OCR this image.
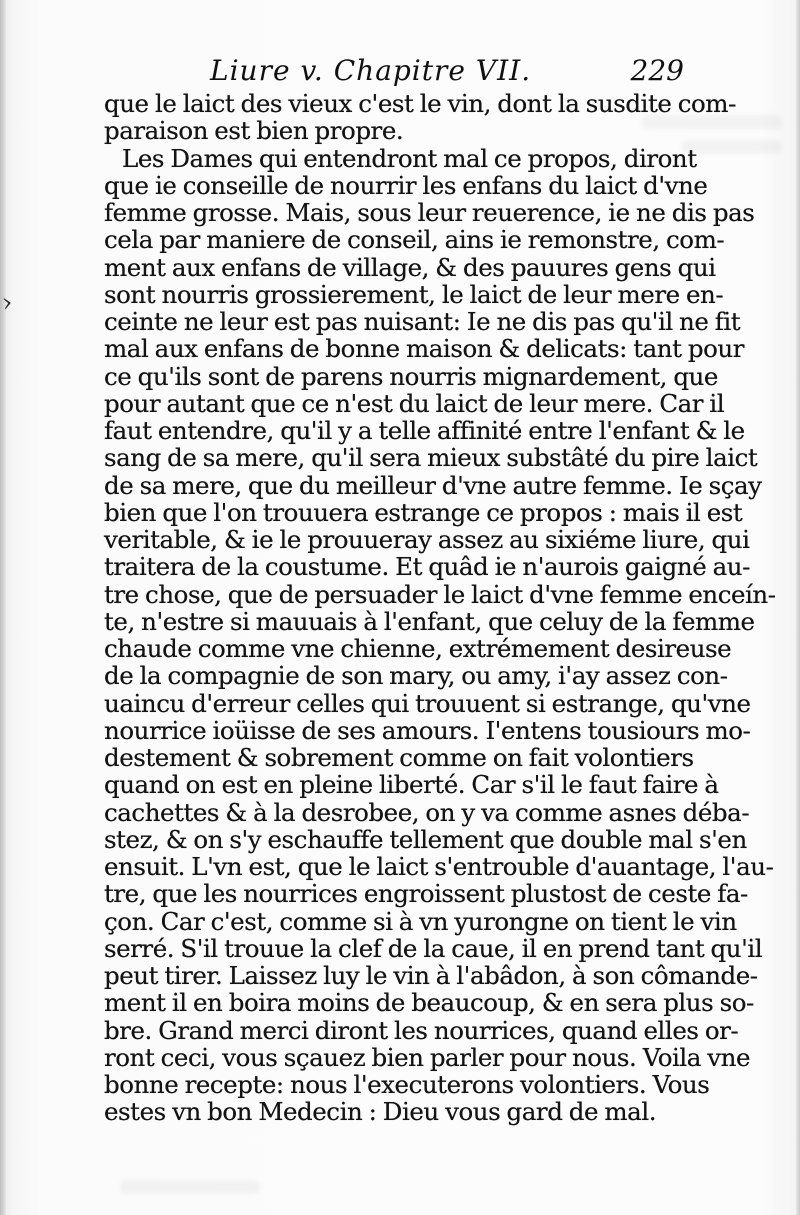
›
Liure v. Chapitre VII.	229
que le laict des vieux c'est le vin, dont la susdite com-
paraison est bien propre.
Les Dames qui entendront mal ce propos, diront
que ie conseille de nourrir les enfans du laict d'vne
femme grosse. Mais, sous leur reuerence, ie ne dis pas
cela par maniere de conseil, ains ie remonstre, com-
ment aux enfans de village, & des pauures gens qui
sont nourris grossierement, le laict de leur mere en-
ceinte ne leur est pas nuisant: Ie ne dis pas qu'il ne fit
mal aux enfans de bonne maison & delicats: tant pour
ce qu'ils sont de parens nourris mignardement, que
pour autant que ce n'est du laict de leur mere. Car il
faut entendre, qu'il y a telle affinité entre l'enfant & le
sang de sa mere, qu'il sera mieux substâté du pire laict
de sa mere, que du meilleur d'vne autre femme. Ie sçay
bien que l'on trouuera estrange ce propos : mais il est
veritable, & ie le prouueray assez au sixiéme liure, qui
traitera de la coustume. Et quâd ie n'aurois gaigné au-
tre chose, que de persuader le laict d'vne femme enceín-
te, n'estre si mauuais à l'enfant, que celuy de la femme
chaude comme vne chienne, extrémement desireuse
de la compagnie de son mary, ou amy, i'ay assez con-
uaincu d'erreur celles qui trouuent si estrange, qu'vne
nourrice ioüisse de ses amours. I'entens tousiours mo-
destement & sobrement comme on fait volontiers
quand on est en pleine liberté. Car s'il le faut faire à
cachettes & à la desrobee, on y va comme asnes déba-
stez, & on s'y eschauffe tellement que double mal s'en
ensuit. L'vn est, que le laict s'entrouble d'auantage, l'au-
tre, que les nourrices engroissent plustost de ceste fa-
çon. Car c'est, comme si à vn yurongne on tient le vin
serré. S'il trouue la clef de la caue, il en prend tant qu'il
peut tirer. Laissez luy le vin à l'abâdon, à son cômande-
ment il en boira moins de beaucoup, & en sera plus so-
bre. Grand merci diront les nourrices, quand elles or-
ront ceci, vous sçauez bien parler pour nous. Voila vne
bonne recepte: nous l'executerons volontiers. Vous
estes vn bon Medecin : Dieu vous gard de mal.
